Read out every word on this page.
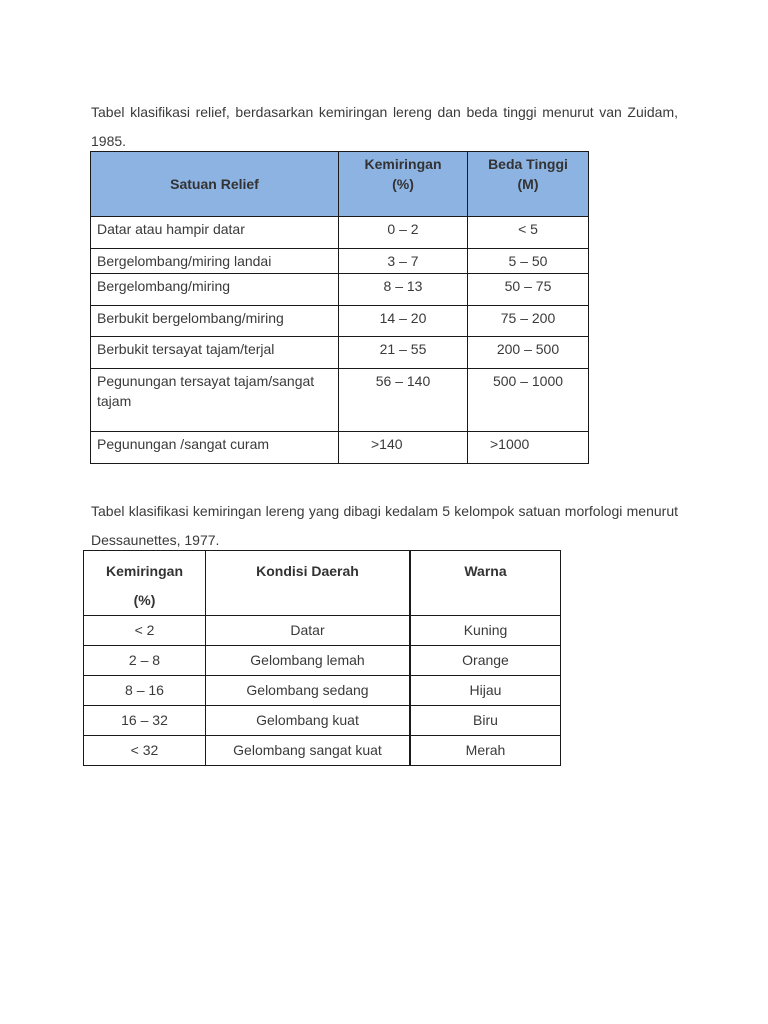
Tabel klasifikasi relief, berdasarkan kemiringan lereng dan beda tinggi menurut van Zuidam, 1985.

Satuan Relief	Kemiringan (%)	Beda Tinggi (M)
Datar atau hampir datar	0 – 2	< 5
Bergelombang/miring landai	3 – 7	5 – 50
Bergelombang/miring	8 – 13	50 – 75
Berbukit bergelombang/miring	14 – 20	75 – 200
Berbukit tersayat tajam/terjal	21 – 55	200 – 500
Pegunungan tersayat tajam/sangat tajam	56 – 140	500 – 1000
Pegunungan /sangat curam	>140	>1000

Tabel klasifikasi kemiringan lereng yang dibagi kedalam 5 kelompok satuan morfologi menurut Dessaunettes, 1977.

Kemiringan (%)	Kondisi Daerah	Warna
< 2	Datar	Kuning
2 – 8	Gelombang lemah	Orange
8 – 16	Gelombang sedang	Hijau
16 – 32	Gelombang kuat	Biru
< 32	Gelombang sangat kuat	Merah
